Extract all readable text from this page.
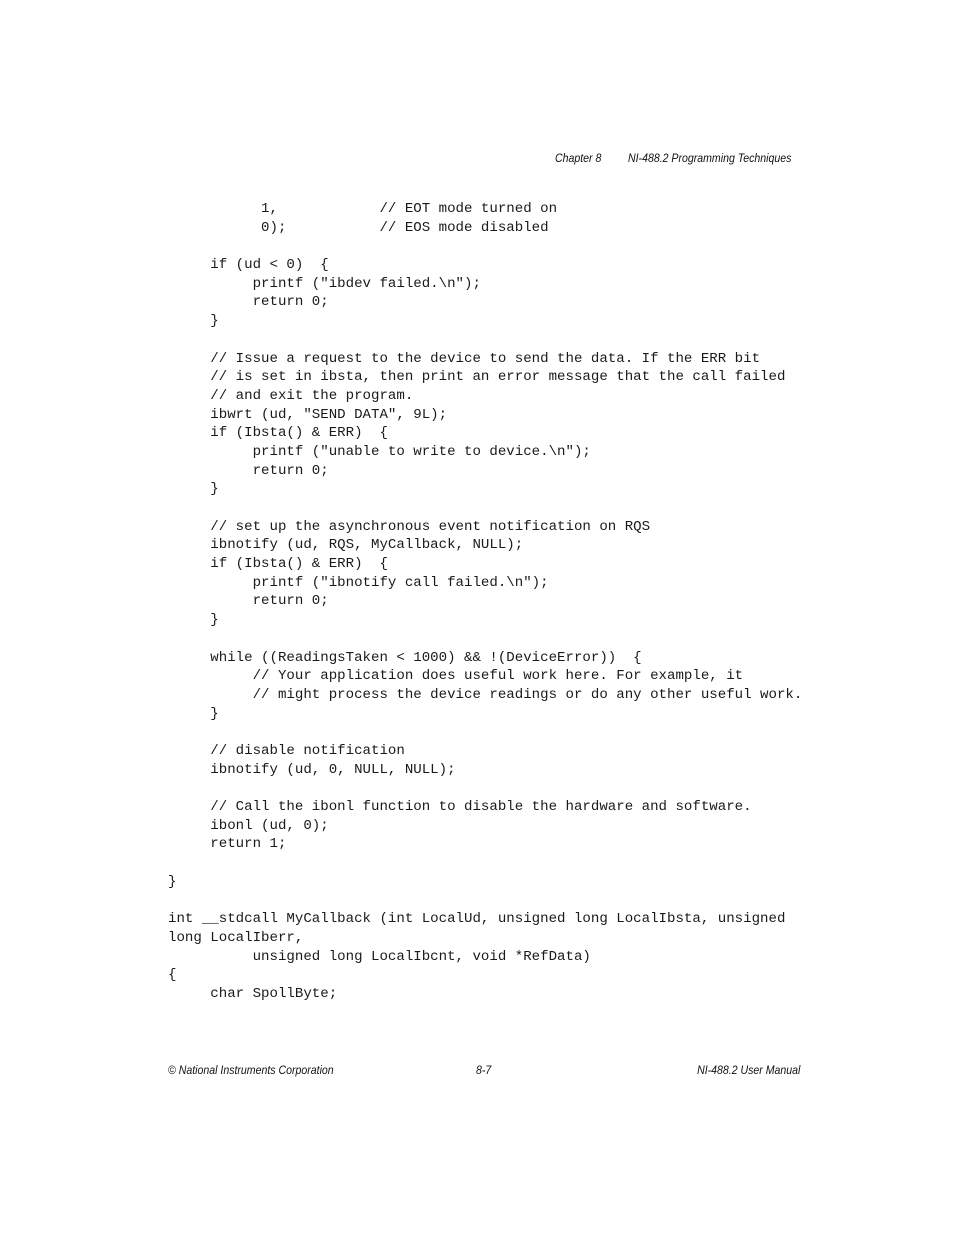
Chapter 8 NI-488.2 Programming Techniques
1,            // EOT mode turned on
0);           // EOS mode disabled
if (ud < 0)  {
printf ("ibdev failed.\n");
return 0;
}
// Issue a request to the device to send the data. If the ERR bit
// is set in ibsta, then print an error message that the call failed
// and exit the program.
ibwrt (ud, "SEND DATA", 9L);
if (Ibsta() & ERR)  {
printf ("unable to write to device.\n");
return 0;
}
// set up the asynchronous event notification on RQS
ibnotify (ud, RQS, MyCallback, NULL);
if (Ibsta() & ERR)  {
printf ("ibnotify call failed.\n");
return 0;
}
while ((ReadingsTaken < 1000) && !(DeviceError))  {
// Your application does useful work here. For example, it
// might process the device readings or do any other useful work.
}
// disable notification
ibnotify (ud, 0, NULL, NULL);
// Call the ibonl function to disable the hardware and software.
ibonl (ud, 0);
return 1;
}
int __stdcall MyCallback (int LocalUd, unsigned long LocalIbsta, unsigned
long LocalIberr,
unsigned long LocalIbcnt, void *RefData)
{
char SpollByte;
© National Instruments Corporation	8-7	NI-488.2 User Manual
